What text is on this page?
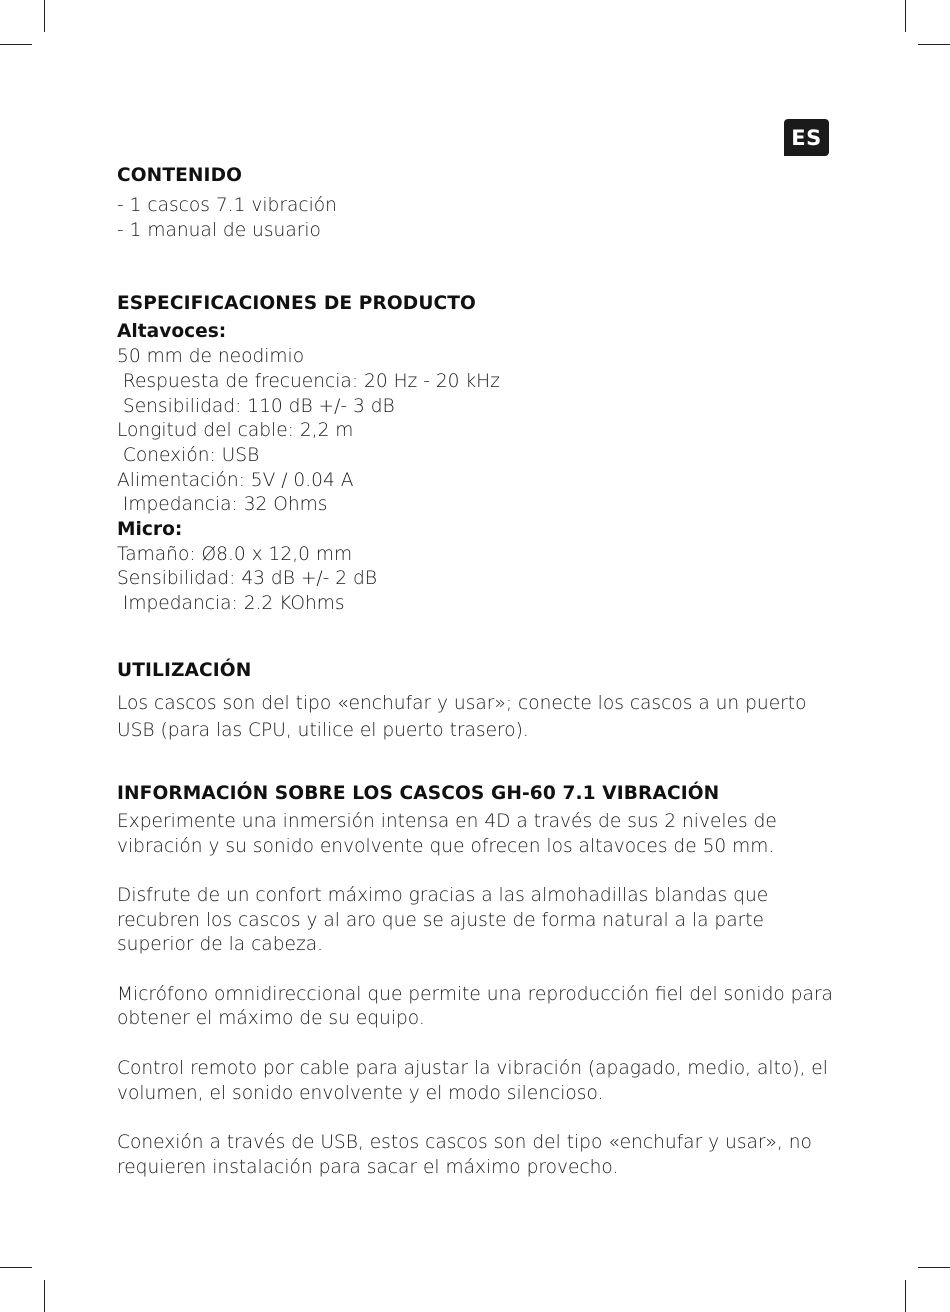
ES
CONTENIDO
- 1 cascos 7.1 vibración
- 1 manual de usuario
ESPECIFICACIONES DE PRODUCTO
Altavoces:
50 mm de neodimio
Respuesta de frecuencia: 20 Hz - 20 kHz
Sensibilidad: 110 dB +/- 3 dB
Longitud del cable: 2,2 m
Conexión: USB
Alimentación: 5V / 0.04 A
Impedancia: 32 Ohms
Micro:
Tamaño: Ø8.0 x 12,0 mm
Sensibilidad: 43 dB +/- 2 dB
Impedancia: 2.2 KOhms
UTILIZACIÓN

Los cascos son del tipo «enchufar y usar»; conecte los cascos a un puerto USB (para las CPU, utilice el puerto trasero).

INFORMACIÓN SOBRE LOS CASCOS GH-60 7.1 VIBRACIÓN

Experimente una inmersión intensa en 4D a través de sus 2 niveles de vibración y su sonido envolvente que ofrecen los altavoces de 50 mm.

Disfrute de un confort máximo gracias a las almohadillas blandas que recubren los cascos y al aro que se ajuste de forma natural a la parte superior de la cabeza.

Micrófono omnidireccional que permite una reproducción fiel del sonido para obtener el máximo de su equipo.

Control remoto por cable para ajustar la vibración (apagado, medio, alto), el volumen, el sonido envolvente y el modo silencioso.

Conexión a través de USB, estos cascos son del tipo «enchufar y usar», no requieren instalación para sacar el máximo provecho.
